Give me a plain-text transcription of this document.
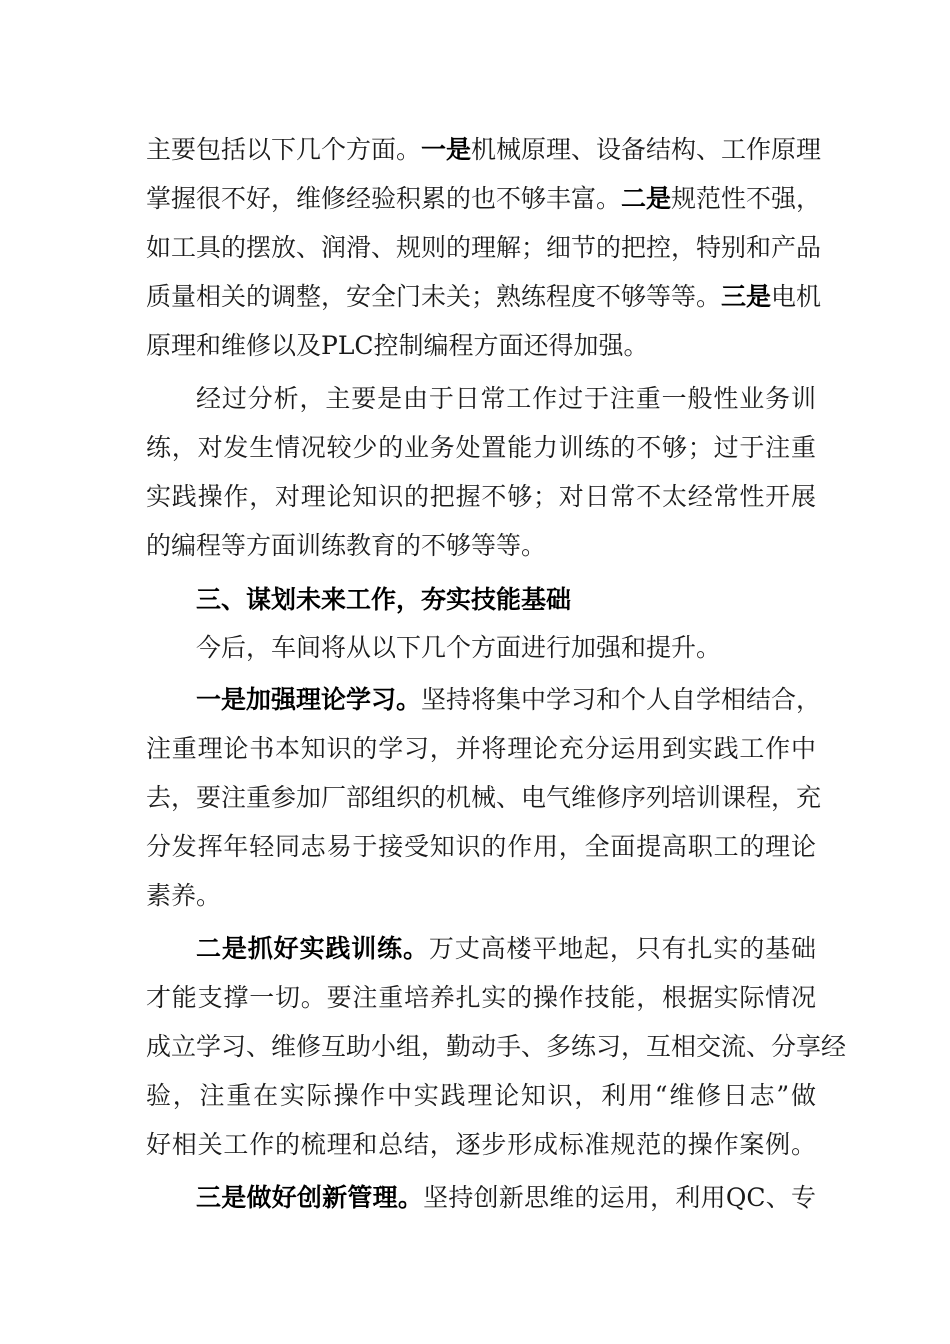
主要包括以下几个方面。一是机械原理、设备结构、工作原理
掌握很不好，维修经验积累的也不够丰富。二是规范性不强，
如工具的摆放、润滑、规则的理解；细节的把控，特别和产品
质量相关的调整，安全门未关；熟练程度不够等等。三是电机
原理和维修以及PLC控制编程方面还得加强。
经过分析，主要是由于日常工作过于注重一般性业务训
练，对发生情况较少的业务处置能力训练的不够；过于注重
实践操作，对理论知识的把握不够；对日常不太经常性开展
的编程等方面训练教育的不够等等。
三、谋划未来工作，夯实技能基础
今后，车间将从以下几个方面进行加强和提升。
一是加强理论学习。坚持将集中学习和个人自学相结合，
注重理论书本知识的学习，并将理论充分运用到实践工作中
去，要注重参加厂部组织的机械、电气维修序列培训课程，充
分发挥年轻同志易于接受知识的作用，全面提高职工的理论
素养。
二是抓好实践训练。万丈高楼平地起，只有扎实的基础
才能支撑一切。要注重培养扎实的操作技能，根据实际情况
成立学习、维修互助小组，勤动手、多练习，互相交流、分享经
验，注重在实际操作中实践理论知识，利用“维修日志”做
好相关工作的梳理和总结，逐步形成标准规范的操作案例。
三是做好创新管理。坚持创新思维的运用，利用QC、专
